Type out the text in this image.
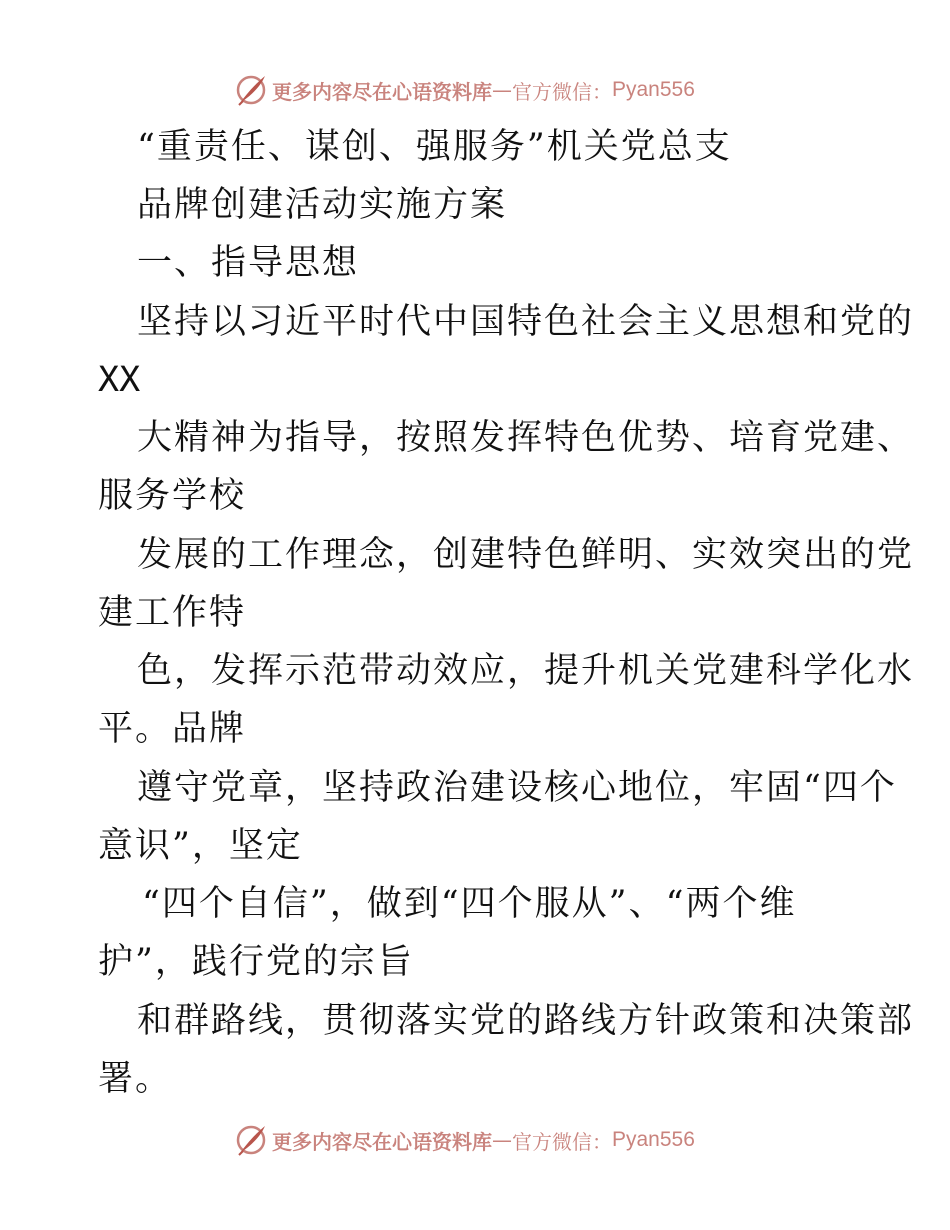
更多内容尽在心语资料库 — 官方微信： Pyan556
“重责任、谋创、强服务”机关党总支
品牌创建活动实施方案
一、指导思想
坚持以习近平时代中国特色社会主义思想和党的
XX
大精神为指导，按照发挥特色优势、培育党建、
服务学校
发展的工作理念，创建特色鲜明、实效突出的党
建工作特
色，发挥示范带动效应，提升机关党建科学化水
平。品牌
遵守党章，坚持政治建设核心地位，牢固“四个
意识”，坚定
“四个自信”，做到“四个服从”、“两个维
护”，践行党的宗旨
和群路线，贯彻落实党的路线方针政策和决策部
署。
更多内容尽在心语资料库 — 官方微信： Pyan556
